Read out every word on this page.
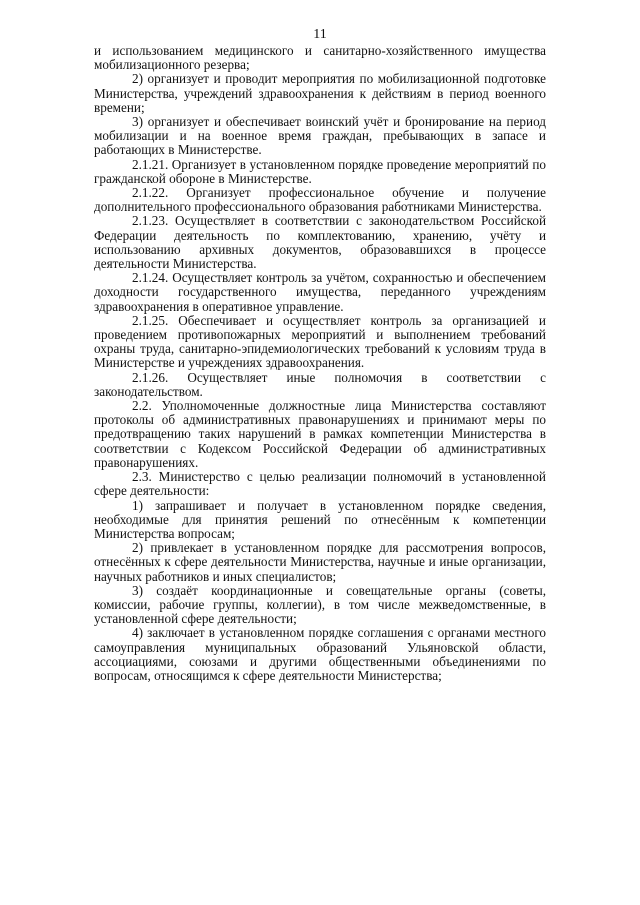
11

и использованием медицинского и санитарно-хозяйственного имущества мобилизационного резерва;

2) организует и проводит мероприятия по мобилизационной подготовке Министерства, учреждений здравоохранения к действиям в период военного времени;

3) организует и обеспечивает воинский учёт и бронирование на период мобилизации и на военное время граждан, пребывающих в запасе и работающих в Министерстве.

2.1.21. Организует в установленном порядке проведение мероприятий по гражданской обороне в Министерстве.

2.1.22. Организует профессиональное обучение и получение дополнительного профессионального образования работниками Министерства.

2.1.23. Осуществляет в соответствии с законодательством Российской Федерации деятельность по комплектованию, хранению, учёту и использованию архивных документов, образовавшихся в процессе деятельности Министерства.

2.1.24. Осуществляет контроль за учётом, сохранностью и обеспечением доходности государственного имущества, переданного учреждениям здравоохранения в оперативное управление.

2.1.25. Обеспечивает и осуществляет контроль за организацией и проведением противопожарных мероприятий и выполнением требований охраны труда, санитарно-эпидемиологических требований к условиям труда в Министерстве и учреждениях здравоохранения.

2.1.26. Осуществляет иные полномочия в соответствии с законодательством.

2.2. Уполномоченные должностные лица Министерства составляют протоколы об административных правонарушениях и принимают меры по предотвращению таких нарушений в рамках компетенции Министерства в соответствии с Кодексом Российской Федерации об административных правонарушениях.

2.3. Министерство с целью реализации полномочий в установленной сфере деятельности:

1) запрашивает и получает в установленном порядке сведения, необходимые для принятия решений по отнесённым к компетенции Министерства вопросам;

2) привлекает в установленном порядке для рассмотрения вопросов, отнесённых к сфере деятельности Министерства, научные и иные организации, научных работников и иных специалистов;

3) создаёт координационные и совещательные органы (советы, комиссии, рабочие группы, коллегии), в том числе межведомственные, в установленной сфере деятельности;

4) заключает в установленном порядке соглашения с органами местного самоуправления муниципальных образований Ульяновской области, ассоциациями, союзами и другими общественными объединениями по вопросам, относящимся к сфере деятельности Министерства;
